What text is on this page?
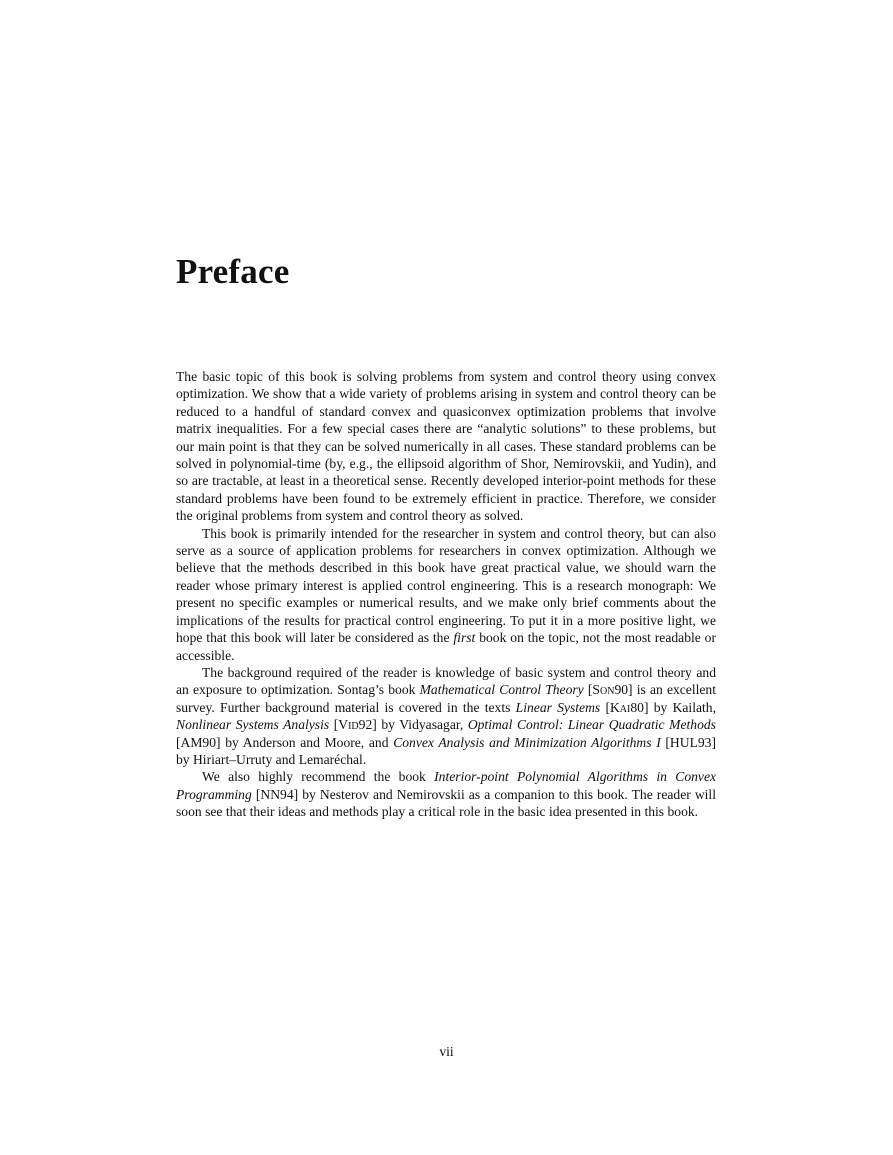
Preface

The basic topic of this book is solving problems from system and control theory using convex optimization. We show that a wide variety of problems arising in system and control theory can be reduced to a handful of standard convex and quasiconvex optimization problems that involve matrix inequalities. For a few special cases there are “analytic solutions” to these problems, but our main point is that they can be solved numerically in all cases. These standard problems can be solved in polynomial-time (by, e.g., the ellipsoid algorithm of Shor, Nemirovskii, and Yudin), and so are tractable, at least in a theoretical sense. Recently developed interior-point methods for these standard problems have been found to be extremely efficient in practice. Therefore, we consider the original problems from system and control theory as solved.

This book is primarily intended for the researcher in system and control theory, but can also serve as a source of application problems for researchers in convex optimization. Although we believe that the methods described in this book have great practical value, we should warn the reader whose primary interest is applied control engineering. This is a research monograph: We present no specific examples or numerical results, and we make only brief comments about the implications of the results for practical control engineering. To put it in a more positive light, we hope that this book will later be considered as the first book on the topic, not the most readable or accessible.

The background required of the reader is knowledge of basic system and control theory and an exposure to optimization. Sontag’s book Mathematical Control Theory [Son90] is an excellent survey. Further background material is covered in the texts Linear Systems [Kai80] by Kailath, Nonlinear Systems Analysis [Vid92] by Vidyasagar, Optimal Control: Linear Quadratic Methods [AM90] by Anderson and Moore, and Convex Analysis and Minimization Algorithms I [HUL93] by Hiriart–Urruty and Lemaréchal.

We also highly recommend the book Interior-point Polynomial Algorithms in Convex Programming [NN94] by Nesterov and Nemirovskii as a companion to this book. The reader will soon see that their ideas and methods play a critical role in the basic idea presented in this book.

vii
